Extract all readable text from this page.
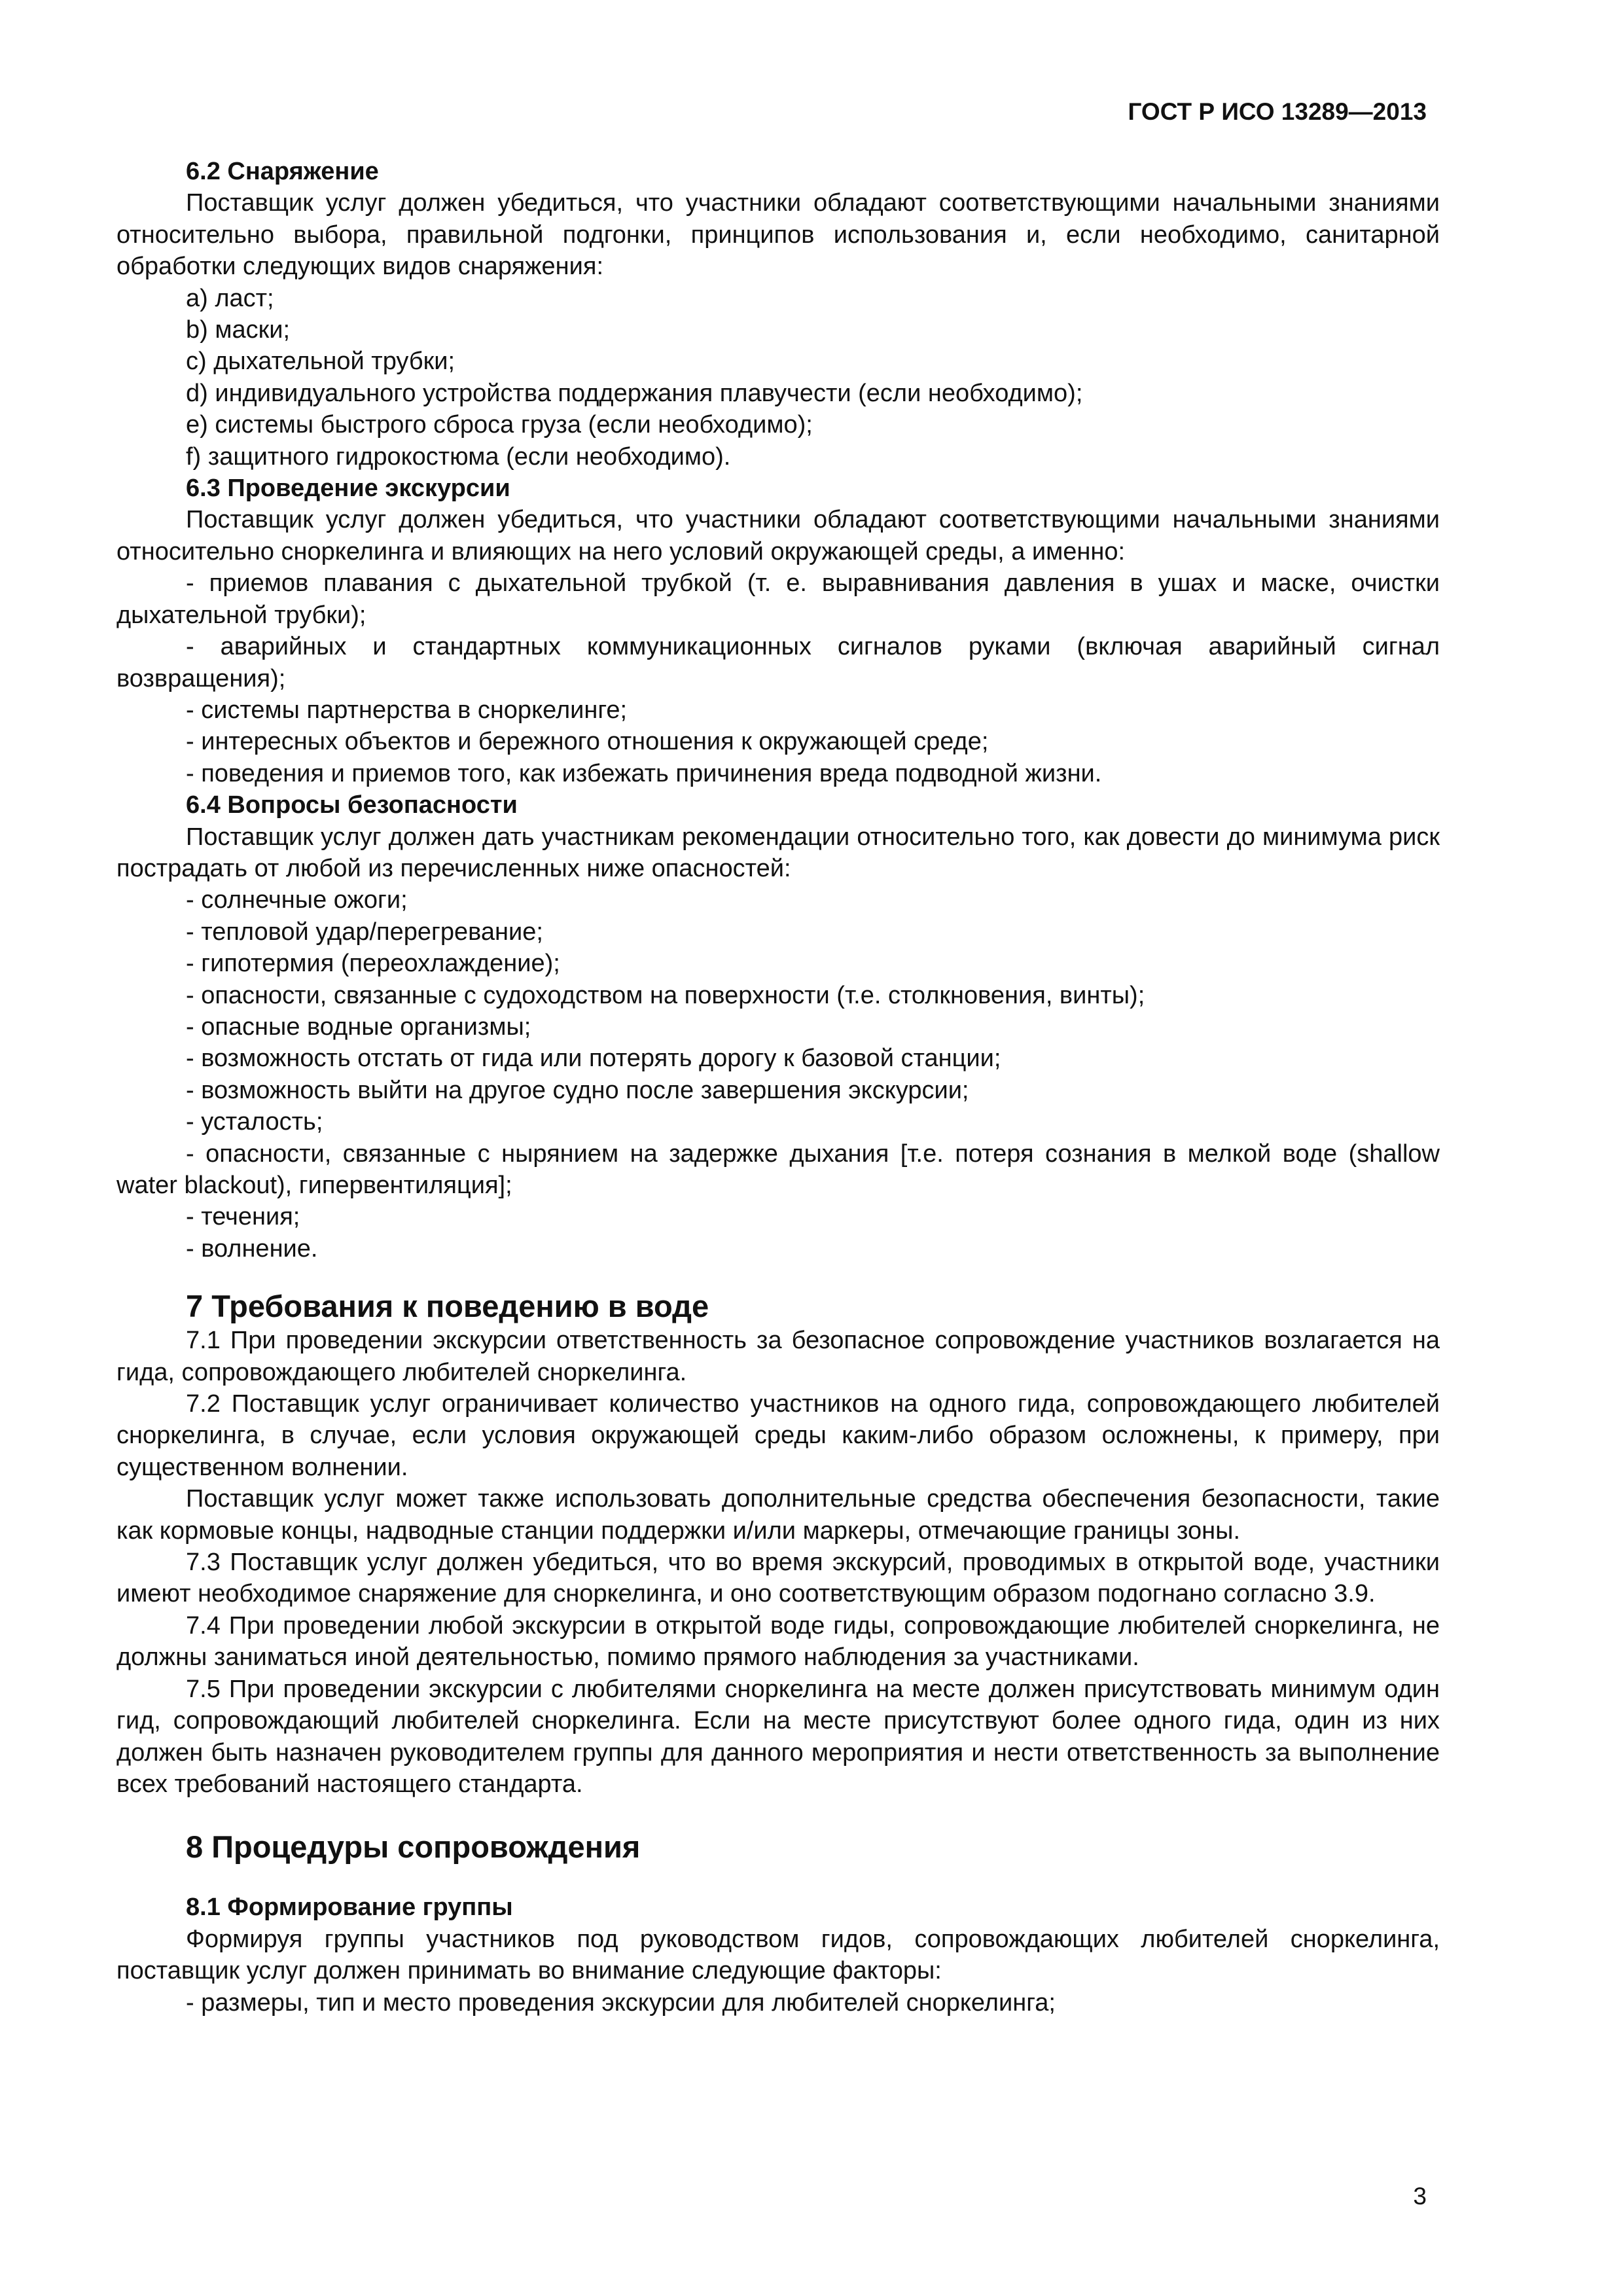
ГОСТ Р ИСО 13289—2013

6.2 Снаряжение

Поставщик услуг должен убедиться, что участники обладают соответствующими начальными знаниями относительно выбора, правильной подгонки, принципов использования и, если необходимо, санитарной обработки следующих видов снаряжения:

a) ласт;

b) маски;

c) дыхательной трубки;

d) индивидуального устройства поддержания плавучести (если необходимо);

e) системы быстрого сброса груза (если необходимо);

f) защитного гидрокостюма (если необходимо).

6.3 Проведение экскурсии

Поставщик услуг должен убедиться, что участники обладают соответствующими начальными знаниями относительно сноркелинга и влияющих на него условий окружающей среды, а именно:

- приемов плавания с дыхательной трубкой (т. е. выравнивания давления в ушах и маске, очистки дыхательной трубки);

- аварийных и стандартных коммуникационных сигналов руками (включая аварийный сигнал возвращения);

- системы партнерства в сноркелинге;

- интересных объектов и бережного отношения к окружающей среде;

- поведения и приемов того, как избежать причинения вреда подводной жизни.

6.4 Вопросы безопасности

Поставщик услуг должен дать участникам рекомендации относительно того, как довести до минимума риск пострадать от любой из перечисленных ниже опасностей:

- солнечные ожоги;

- тепловой удар/перегревание;

- гипотермия (переохлаждение);

- опасности, связанные с судоходством на поверхности (т.е. столкновения, винты);

- опасные водные организмы;

- возможность отстать от гида или потерять дорогу к базовой станции;

- возможность выйти на другое судно после завершения экскурсии;

- усталость;

- опасности, связанные с нырянием на задержке дыхания [т.е. потеря сознания в мелкой воде (shallow water blackout), гипервентиляция];

- течения;

- волнение.

7 Требования к поведению в воде

7.1 При проведении экскурсии ответственность за безопасное сопровождение участников возлагается на гида, сопровождающего любителей сноркелинга.

7.2 Поставщик услуг ограничивает количество участников на одного гида, сопровождающего любителей сноркелинга, в случае, если условия окружающей среды каким-либо образом осложнены, к примеру, при существенном волнении.

Поставщик услуг может также использовать дополнительные средства обеспечения безопасности, такие как кормовые концы, надводные станции поддержки и/или маркеры, отмечающие границы зоны.

7.3 Поставщик услуг должен убедиться, что во время экскурсий, проводимых в открытой воде, участники имеют необходимое снаряжение для сноркелинга, и оно соответствующим образом подогнано согласно 3.9.

7.4 При проведении любой экскурсии в открытой воде гиды, сопровождающие любителей сноркелинга, не должны заниматься иной деятельностью, помимо прямого наблюдения за участниками.

7.5 При проведении экскурсии с любителями сноркелинга на месте должен присутствовать минимум один гид, сопровождающий любителей сноркелинга. Если на месте присутствуют более одного гида, один из них должен быть назначен руководителем группы для данного мероприятия и нести ответственность за выполнение всех требований настоящего стандарта.

8 Процедуры сопровождения

8.1 Формирование группы

Формируя группы участников под руководством гидов, сопровождающих любителей сноркелинга, поставщик услуг должен принимать во внимание следующие факторы:

- размеры, тип и место проведения экскурсии для любителей сноркелинга;

3
